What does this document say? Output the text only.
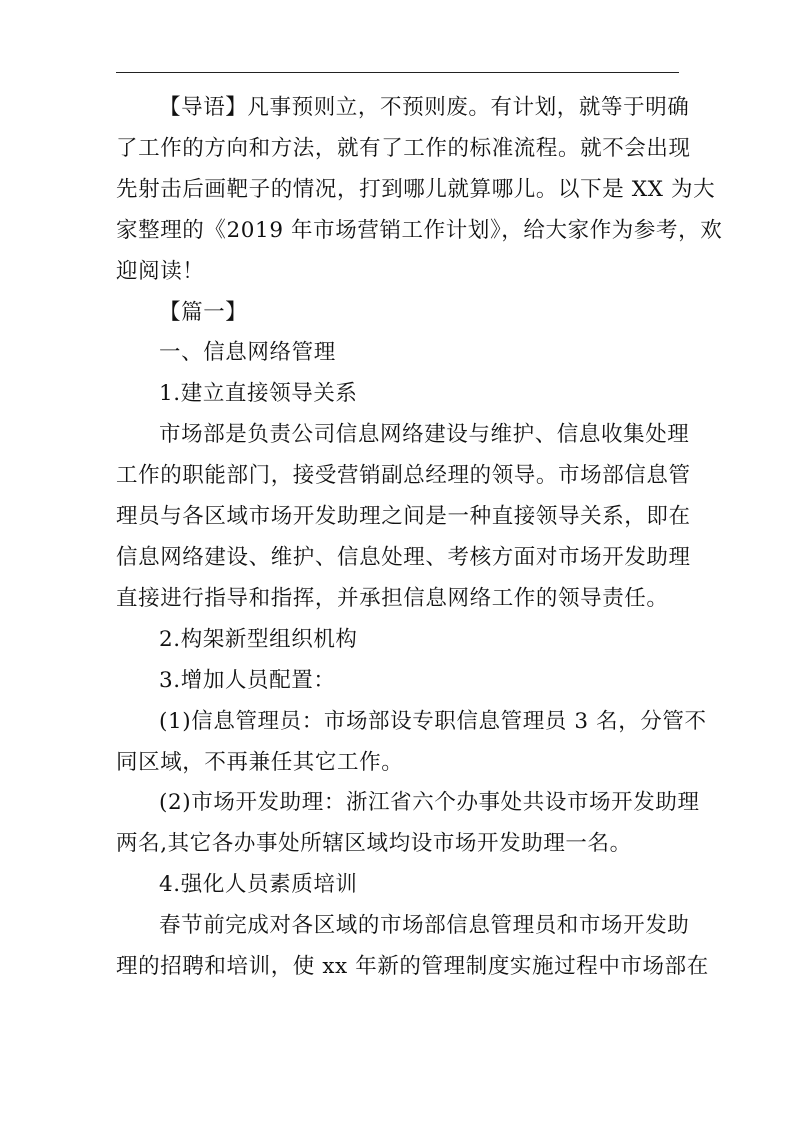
【导语】凡事预则立，不预则废。有计划，就等于明确
了工作的方向和方法，就有了工作的标准流程。就不会出现
先射击后画靶子的情况，打到哪儿就算哪儿。以下是 XX 为大
家整理的《2019 年市场营销工作计划》，给大家作为参考，欢
迎阅读！

【篇一】

一、信息网络管理

1.建立直接领导关系

市场部是负责公司信息网络建设与维护、信息收集处理
工作的职能部门，接受营销副总经理的领导。市场部信息管
理员与各区域市场开发助理之间是一种直接领导关系，即在
信息网络建设、维护、信息处理、考核方面对市场开发助理
直接进行指导和指挥，并承担信息网络工作的领导责任。

2.构架新型组织机构

3.增加人员配置：

(1)信息管理员：市场部设专职信息管理员 3 名，分管不
同区域，不再兼任其它工作。

(2)市场开发助理：浙江省六个办事处共设市场开发助理
两名,其它各办事处所辖区域均设市场开发助理一名。

4.强化人员素质培训

春节前完成对各区域的市场部信息管理员和市场开发助
理的招聘和培训，使 xx 年新的管理制度实施过程中市场部在
